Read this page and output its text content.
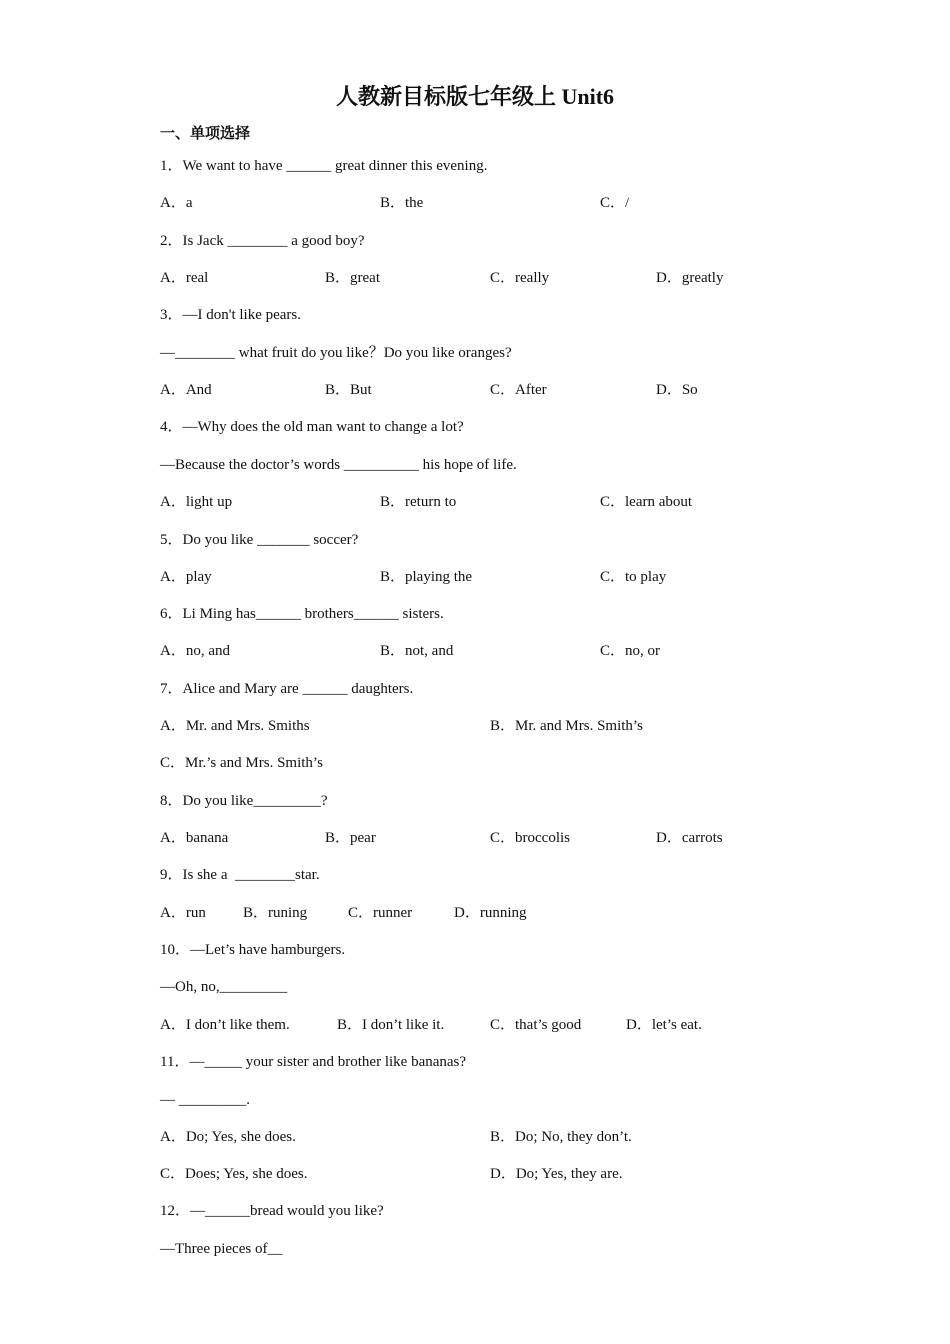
人教新目标版七年级上 Unit6
一、单项选择
1．We want to have ______ great dinner this evening.
A．a	B．the	C．/
2．Is Jack ________ a good boy?
A．real	B．great	C．really	D．greatly
3．—I don't like pears.
—________ what fruit do you like？Do you like oranges?
A．And	B．But	C．After	D．So
4．—Why does the old man want to change a lot?
—Because the doctor’s words __________ his hope of life.
A．light up	B．return to	C．learn about
5．Do you like _______ soccer?
A．play	B．playing the	C．to play
6．Li Ming has______ brothers______ sisters.
A．no, and	B．not, and	C．no, or
7．Alice and Mary are ______ daughters.
A．Mr. and Mrs. Smiths	B．Mr. and Mrs. Smith’s
C．Mr.’s and Mrs. Smith’s
8．Do you like_________?
A．banana	B．pear	C．broccolis	D．carrots
9．Is she a  ________star.
A．run B．runing	C．runner	D．running
10．—Let’s have hamburgers.
—Oh, no,_________
A．I don’t like them.	B．I don’t like it.	C．that’s good	D．let’s eat.
11．—_____ your sister and brother like bananas?
— _________.
A．Do; Yes, she does.	B．Do; No, they don’t.
C．Does; Yes, she does.	D．Do; Yes, they are.
12．—______bread would you like?
—Three pieces of__
